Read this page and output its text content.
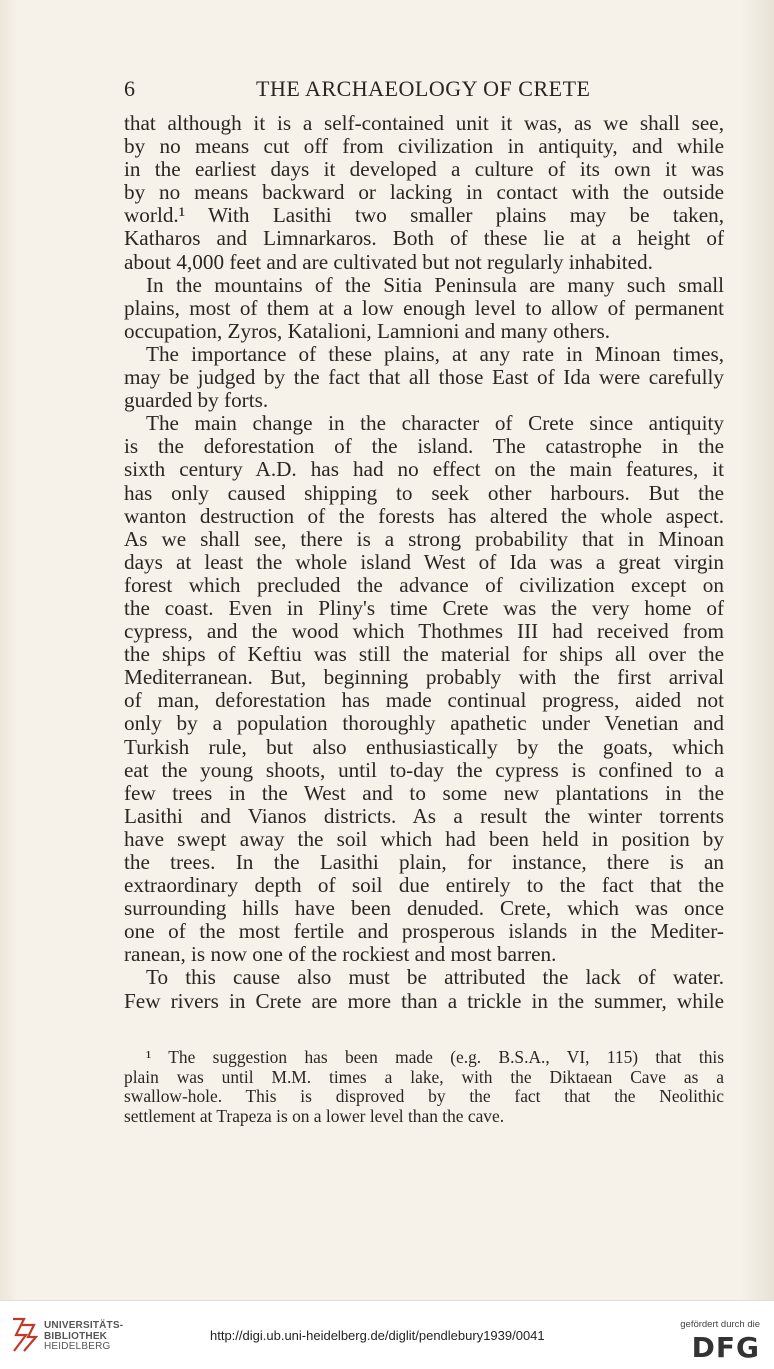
6	THE ARCHAEOLOGY OF CRETE
that although it is a self-contained unit it was, as we shall see,
by no means cut off from civilization in antiquity, and while
in the earliest days it developed a culture of its own it was
by no means backward or lacking in contact with the outside
world.¹ With Lasithi two smaller plains may be taken,
Katharos and Limnarkaros. Both of these lie at a height of
about 4,000 feet and are cultivated but not regularly inhabited.
In the mountains of the Sitia Peninsula are many such small
plains, most of them at a low enough level to allow of permanent
occupation, Zyros, Katalioni, Lamnioni and many others.
The importance of these plains, at any rate in Minoan times,
may be judged by the fact that all those East of Ida were carefully
guarded by forts.
The main change in the character of Crete since antiquity
is the deforestation of the island. The catastrophe in the
sixth century A.D. has had no effect on the main features, it
has only caused shipping to seek other harbours. But the
wanton destruction of the forests has altered the whole aspect.
As we shall see, there is a strong probability that in Minoan
days at least the whole island West of Ida was a great virgin
forest which precluded the advance of civilization except on
the coast. Even in Pliny's time Crete was the very home of
cypress, and the wood which Thothmes III had received from
the ships of Keftiu was still the material for ships all over the
Mediterranean. But, beginning probably with the first arrival
of man, deforestation has made continual progress, aided not
only by a population thoroughly apathetic under Venetian and
Turkish rule, but also enthusiastically by the goats, which
eat the young shoots, until to-day the cypress is confined to a
few trees in the West and to some new plantations in the
Lasithi and Vianos districts. As a result the winter torrents
have swept away the soil which had been held in position by
the trees. In the Lasithi plain, for instance, there is an
extraordinary depth of soil due entirely to the fact that the
surrounding hills have been denuded. Crete, which was once
one of the most fertile and prosperous islands in the Mediter-
ranean, is now one of the rockiest and most barren.
To this cause also must be attributed the lack of water.
Few rivers in Crete are more than a trickle in the summer, while
¹ The suggestion has been made (e.g. B.S.A., VI, 115) that this
plain was until M.M. times a lake, with the Diktaean Cave as a
swallow-hole. This is disproved by the fact that the Neolithic
settlement at Trapeza is on a lower level than the cave.
UNIVERSITÄTS-
BIBLIOTHEK
HEIDELBERG
http://digi.ub.uni-heidelberg.de/diglit/pendlebury1939/0041
gefördert durch die
DFG
